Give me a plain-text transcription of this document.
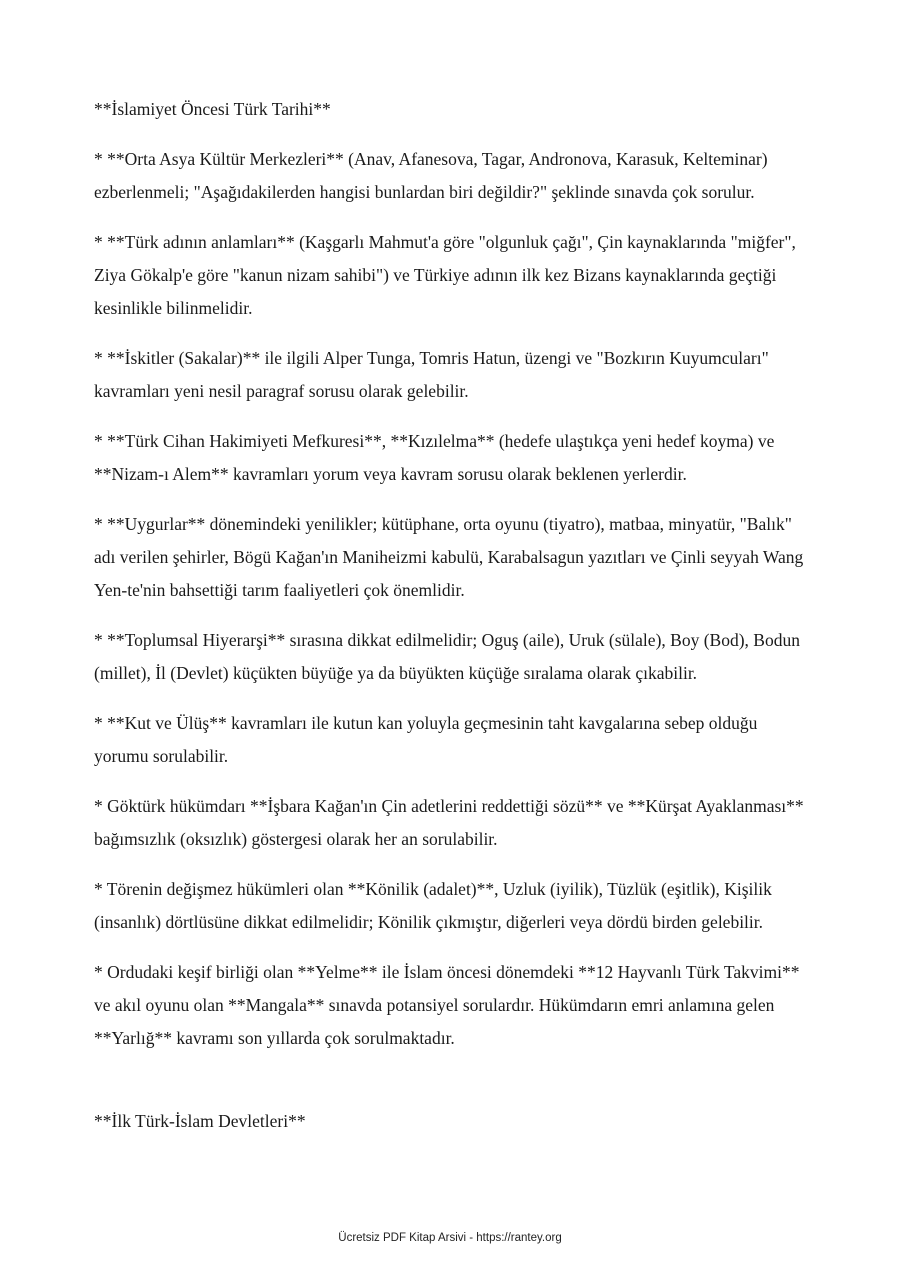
**İslamiyet Öncesi Türk Tarihi**

* **Orta Asya Kültür Merkezleri** (Anav, Afanesova, Tagar, Andronova, Karasuk, Kelteminar) ezberlenmeli; "Aşağıdakilerden hangisi bunlardan biri değildir?" şeklinde sınavda çok sorulur.

* **Türk adının anlamları** (Kaşgarlı Mahmut'a göre "olgunluk çağı", Çin kaynaklarında "miğfer", Ziya Gökalp'e göre "kanun nizam sahibi") ve Türkiye adının ilk kez Bizans kaynaklarında geçtiği kesinlikle bilinmelidir.

* **İskitler (Sakalar)** ile ilgili Alper Tunga, Tomris Hatun, üzengi ve "Bozkırın Kuyumcuları" kavramları yeni nesil paragraf sorusu olarak gelebilir.

* **Türk Cihan Hakimiyeti Mefkuresi**, **Kızılelma** (hedefe ulaştıkça yeni hedef koyma) ve **Nizam-ı Alem** kavramları yorum veya kavram sorusu olarak beklenen yerlerdir.

* **Uygurlar** dönemindeki yenilikler; kütüphane, orta oyunu (tiyatro), matbaa, minyatür, "Balık" adı verilen şehirler, Bögü Kağan'ın Maniheizmi kabulü, Karabalsagun yazıtları ve Çinli seyyah Wang Yen-te'nin bahsettiği tarım faaliyetleri çok önemlidir.

* **Toplumsal Hiyerarşi** sırasına dikkat edilmelidir; Oguş (aile), Uruk (sülale), Boy (Bod), Bodun (millet), İl (Devlet) küçükten büyüğe ya da büyükten küçüğe sıralama olarak çıkabilir.

* **Kut ve Ülüş** kavramları ile kutun kan yoluyla geçmesinin taht kavgalarına sebep olduğu yorumu sorulabilir.

* Göktürk hükümdarı **İşbara Kağan'ın Çin adetlerini reddettiği sözü** ve **Kürşat Ayaklanması** bağımsızlık (oksızlık) göstergesi olarak her an sorulabilir.

* Törenin değişmez hükümleri olan **Könilik (adalet)**, Uzluk (iyilik), Tüzlük (eşitlik), Kişilik (insanlık) dörtlüsüne dikkat edilmelidir; Könilik çıkmıştır, diğerleri veya dördü birden gelebilir.

* Ordudaki keşif birliği olan **Yelme** ile İslam öncesi dönemdeki **12 Hayvanlı Türk Takvimi** ve akıl oyunu olan **Mangala** sınavda potansiyel sorulardır. Hükümdarın emri anlamına gelen **Yarlığ** kavramı son yıllarda çok sorulmaktadır.

**İlk Türk-İslam Devletleri**

Ücretsiz PDF Kitap Arsivi - https://rantey.org
